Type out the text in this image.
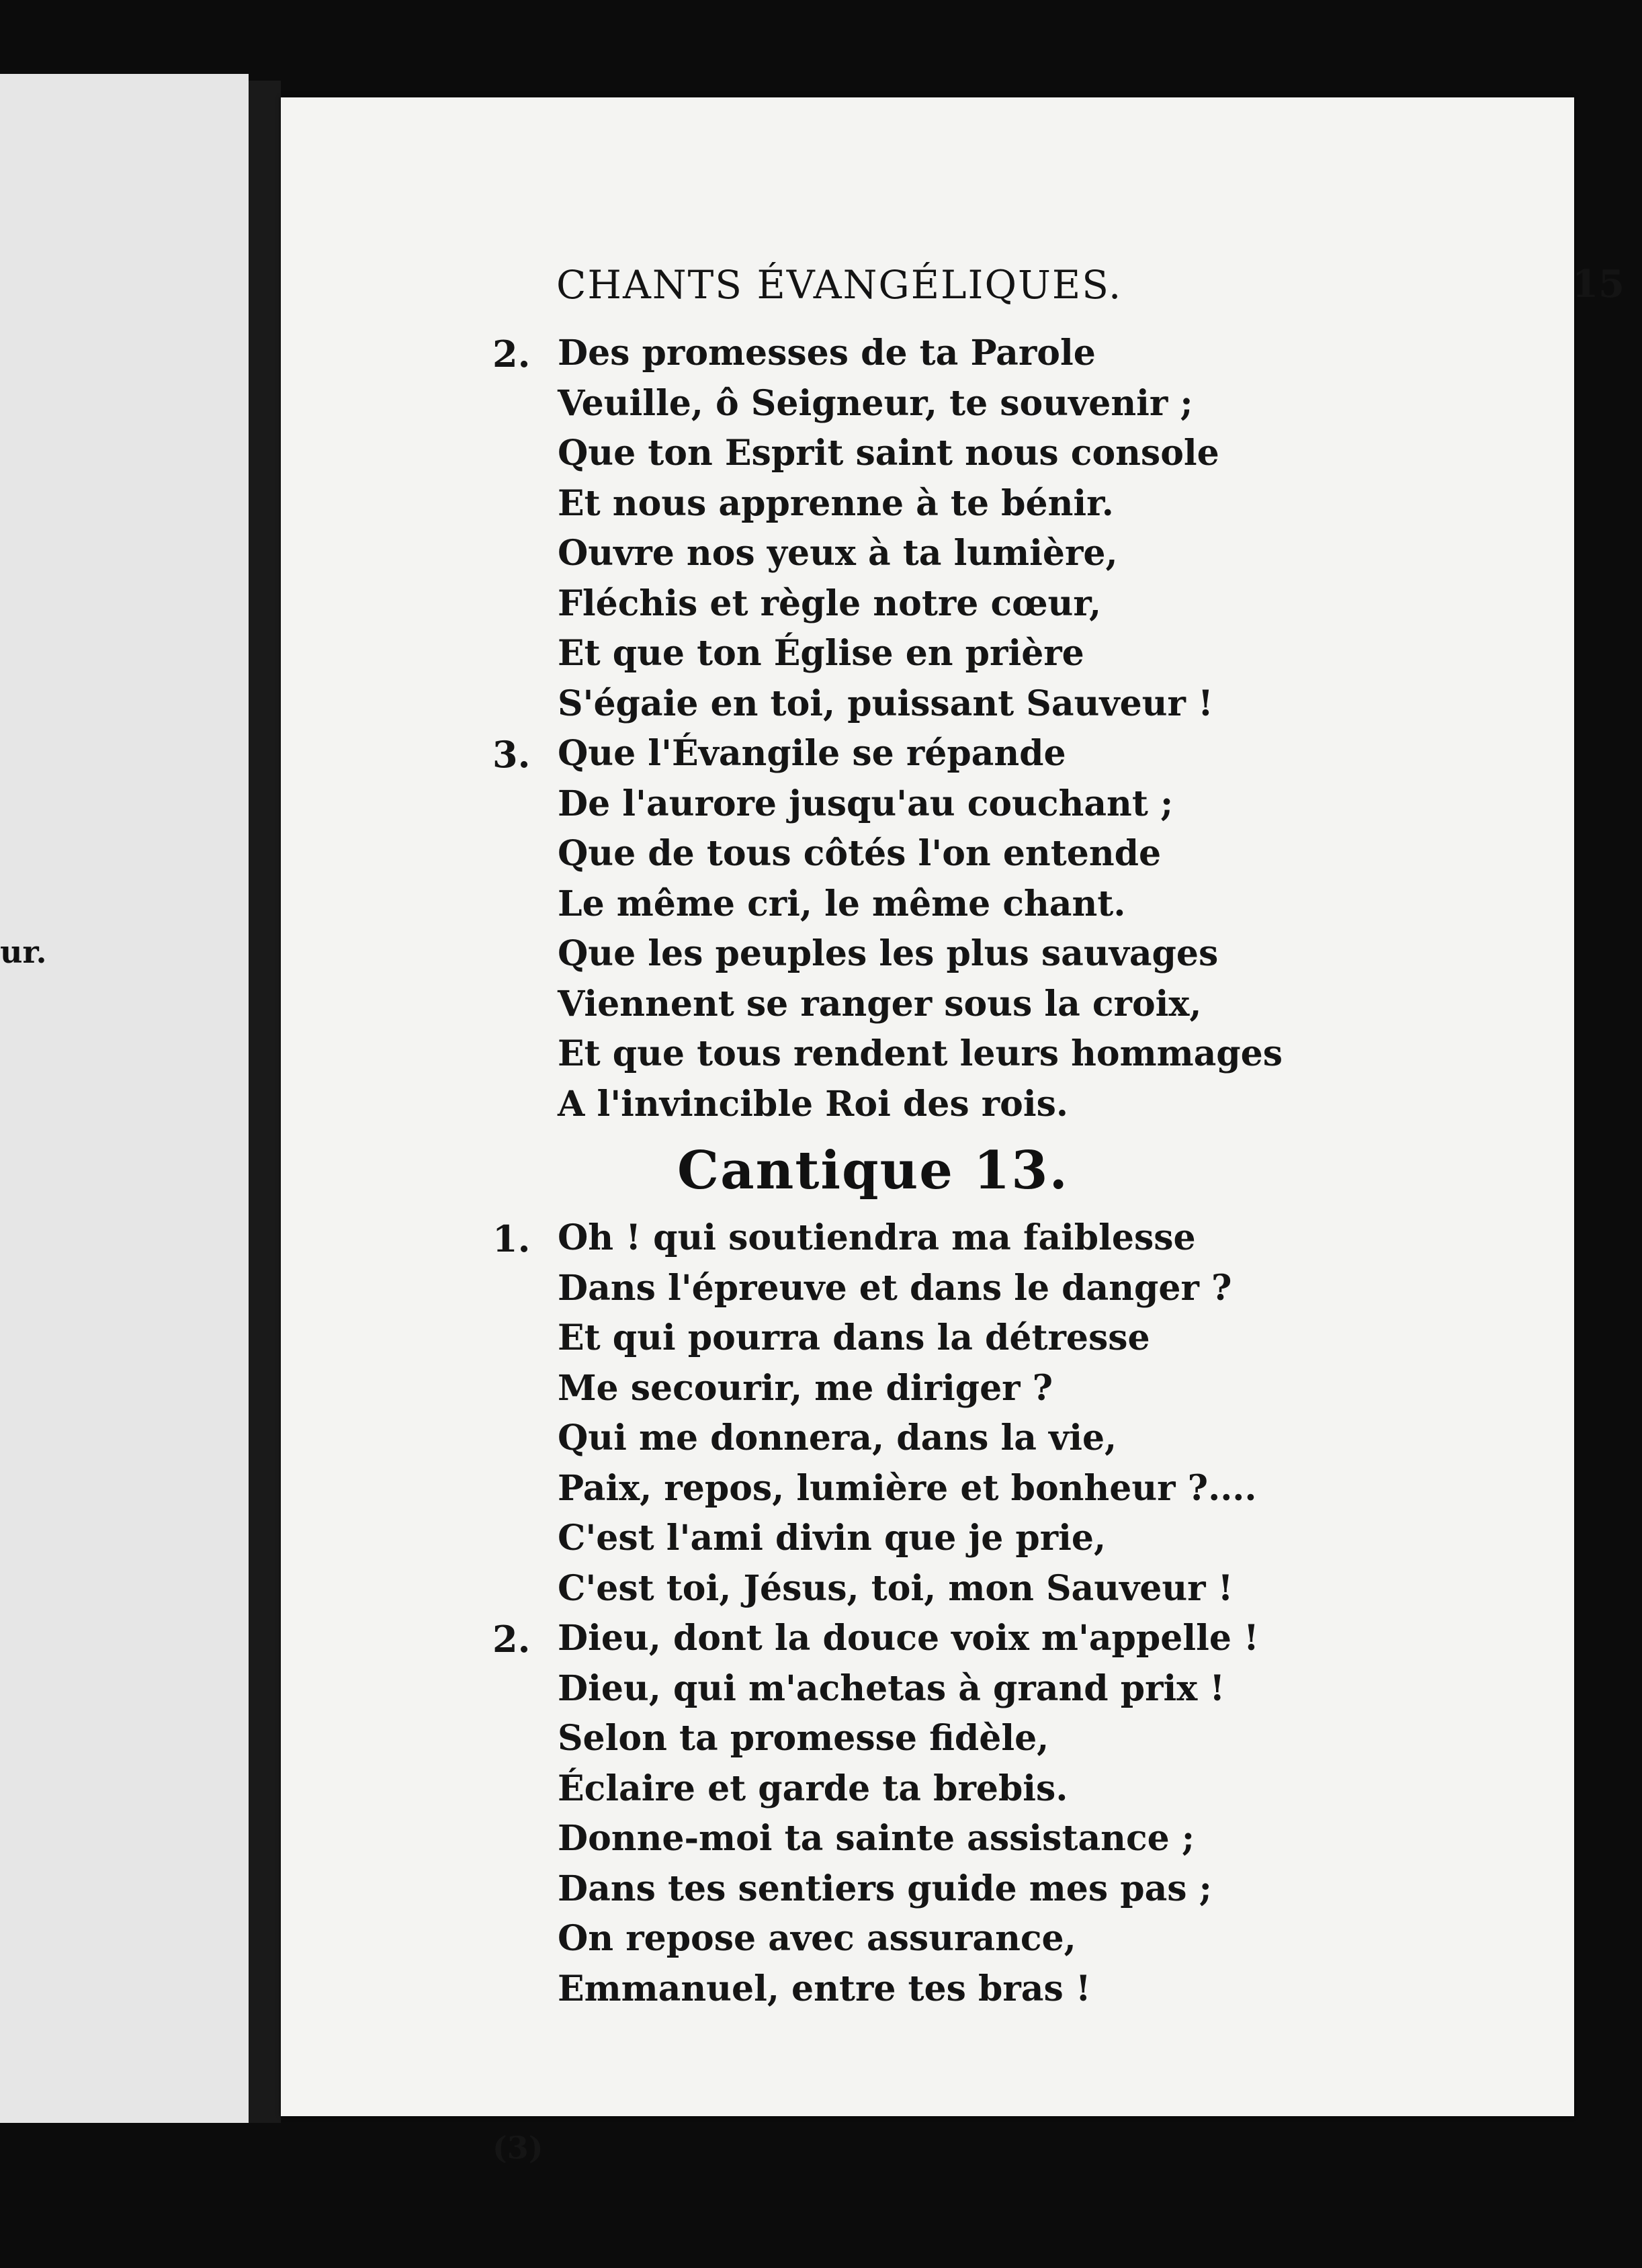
ur.
CHANTS ÉVANGÉLIQUES.	15
2. Des promesses de ta Parole
Veuille, ô Seigneur, te souvenir ;
Que ton Esprit saint nous console
Et nous apprenne à te bénir.
Ouvre nos yeux à ta lumière,
Fléchis et règle notre cœur,
Et que ton Église en prière
S'égaie en toi, puissant Sauveur !
3. Que l'Évangile se répande
De l'aurore jusqu'au couchant ;
Que de tous côtés l'on entende
Le même cri, le même chant.
Que les peuples les plus sauvages
Viennent se ranger sous la croix,
Et que tous rendent leurs hommages
A l'invincible Roi des rois.
Cantique 13.
1. Oh ! qui soutiendra ma faiblesse
Dans l'épreuve et dans le danger ?
Et qui pourra dans la détresse
Me secourir, me diriger ?
Qui me donnera, dans la vie,
Paix, repos, lumière et bonheur ?....
C'est l'ami divin que je prie,
C'est toi, Jésus, toi, mon Sauveur !
2. Dieu, dont la douce voix m'appelle !
Dieu, qui m'achetas à grand prix !
Selon ta promesse fidèle,
Éclaire et garde ta brebis.
Donne-moi ta sainte assistance ;
Dans tes sentiers guide mes pas ;
On repose avec assurance,
Emmanuel, entre tes bras !
(3)
